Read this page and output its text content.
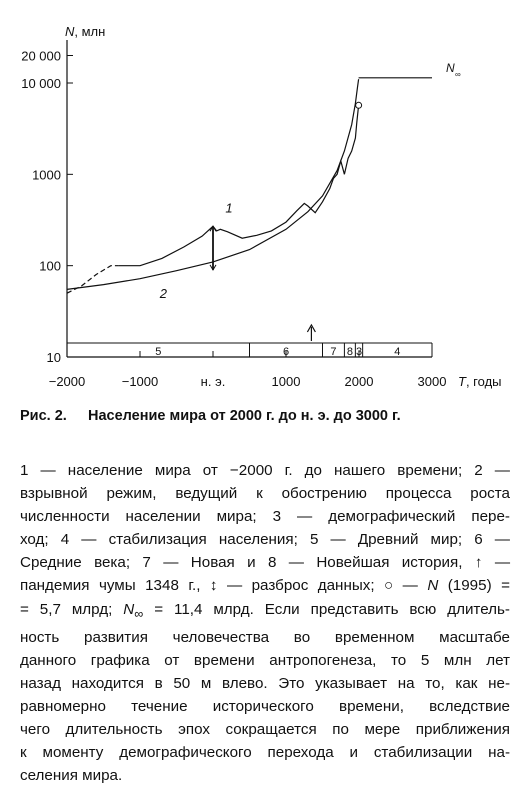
10
100
1000
10 000
20 000
N, млн
−2000	−1000	н. э.	1000	2000	3000 T, годы
5	6	7 8 3	4
1
2
N ∞
Рис. 2. Население мира от 2000 г. до н. э. до 3000 г.
1 — население мира от −2000 г. до нашего времени; 2 —
взрывной режим, ведущий к обострению процесса роста
численности населении мира; 3 — демографический пере-
ход; 4 — стабилизация населения; 5 — Древний мир; 6 —
Средние века; 7 — Новая и 8 — Новейшая история, ↑ —
пандемия чумы 1348 г., ↕ — разброс данных; ○ — N (1995) =
= 5,7 млрд; $N_\infty = 11,4$ млрд. Если представить всю длитель-
ность развития человечества во временном масштабе
данного графика от времени антропогенеза, то 5 млн лет
назад находится в 50 м влево. Это указывает на то, как не-
равномерно течение исторического времени, вследствие
чего длительность эпох сокращается по мере приближения
к моменту демографического перехода и стабилизации на-
селения мира.
